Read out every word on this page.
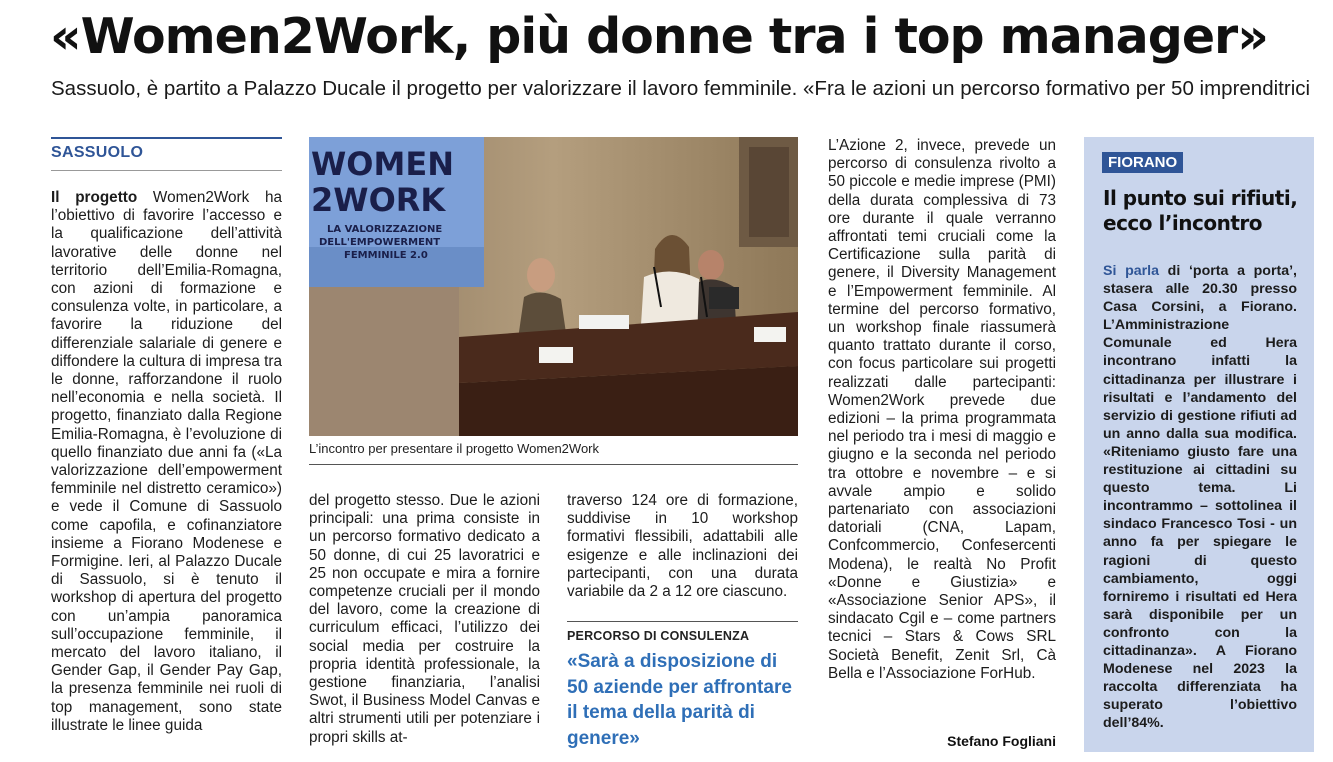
«Women2Work, più donne tra i top manager»
Sassuolo, è partito a Palazzo Ducale il progetto per valorizzare il lavoro femminile. «Fra le azioni un percorso formativo per 50 imprenditrici
SASSUOLO

Il progetto Women2Work ha l’obiettivo di favorire l’accesso e la qualificazione dell’attività lavorative delle donne nel territorio dell’Emilia-Romagna, con azioni di formazione e consulenza volte, in particolare, a favorire la riduzione del differenziale salariale di genere e diffondere la cultura di impresa tra le donne, rafforzandone il ruolo nell’economia e nella società. Il progetto, finanziato dalla Regione Emilia-Romagna, è l’evoluzione di quello finanziato due anni fa («La valorizzazione dell’empowerment femminile nel distretto ceramico») e vede il Comune di Sassuolo come capofila, e cofinanziatore insieme a Fiorano Modenese e Formigine. Ieri, al Palazzo Ducale di Sassuolo, si è tenuto il workshop di apertura del progetto con un’ampia panoramica sull’occupazione femminile, il mercato del lavoro italiano, il Gender Gap, il Gender Pay Gap, la presenza femminile nei ruoli di top management, sono state illustrate le linee guida

WOMEN
2WORK
LA VALORIZZAZIONE
DELL'EMPOWERMENT
FEMMINILE 2.0
L’incontro per presentare il progetto Women2Work

del progetto stesso. Due le azioni principali: una prima consiste in un percorso formativo dedicato a 50 donne, di cui 25 lavoratrici e 25 non occupate e mira a fornire competenze cruciali per il mondo del lavoro, come la creazione di curriculum efficaci, l’utilizzo dei social media per costruire la propria identità professionale, la gestione finanziaria, l’analisi Swot, il Business Model Canvas e altri strumenti utili per potenziare i propri skills at-

traverso 124 ore di formazione, suddivise in 10 workshop formativi flessibili, adattabili alle esigenze e alle inclinazioni dei partecipanti, con una durata variabile da 2 a 12 ore ciascuno.

PERCORSO DI CONSULENZA
«Sarà a disposizione di 50 aziende per affrontare il tema della parità di genere»

L’Azione 2, invece, prevede un percorso di consulenza rivolto a 50 piccole e medie imprese (PMI) della durata complessiva di 73 ore durante il quale verranno affrontati temi cruciali come la Certificazione sulla parità di genere, il Diversity Management e l’Empowerment femminile. Al termine del percorso formativo, un workshop finale riassumerà quanto trattato durante il corso, con focus particolare sui progetti realizzati dalle partecipanti: Women2Work prevede due edizioni – la prima programmata nel periodo tra i mesi di maggio e giugno e la seconda nel periodo tra ottobre e novembre – e si avvale ampio e solido partenariato con associazioni datoriali (CNA, Lapam, Confcommercio, Confesercenti Modena), le realtà No Profit «Donne e Giustizia» e «Associazione Senior APS», il sindacato Cgil e – come partners tecnici – Stars & Cows SRL Società Benefit, Zenit Srl, Cà Bella e l’Associazione ForHub.

Stefano Fogliani
FIORANO
Il punto sui rifiuti, ecco l’incontro
Si parla di ‘porta a porta’, stasera alle 20.30 presso Casa Corsini, a Fiorano. L’Amministrazione Comunale ed Hera incontrano infatti la cittadinanza per illustrare i risultati e l’andamento del servizio di gestione rifiuti ad un anno dalla sua modifica. «Riteniamo giusto fare una restituzione ai cittadini su questo tema. Li incontrammo – sottolinea il sindaco Francesco Tosi - un anno fa per spiegare le ragioni di questo cambiamento, oggi forniremo i risultati ed Hera sarà disponibile per un confronto con la cittadinanza». A Fiorano Modenese nel 2023 la raccolta differenziata ha superato l’obiettivo dell’84%.
